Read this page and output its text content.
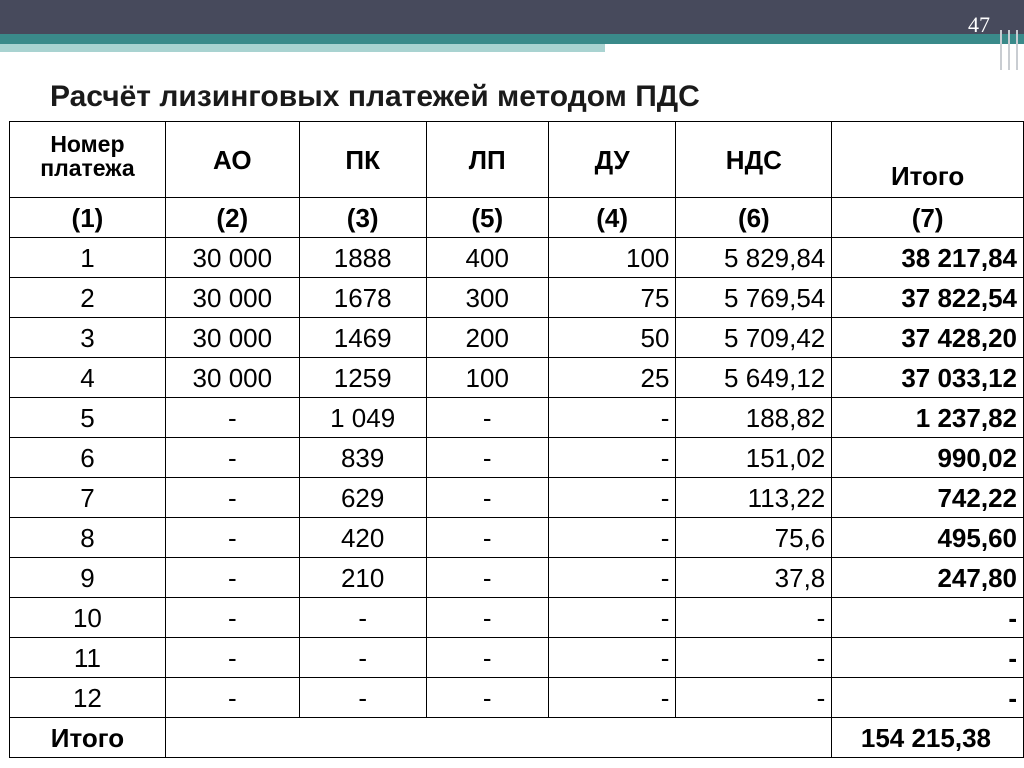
47
Расчёт лизинговых платежей методом ПДС
Номер платежа	АО	ПК	ЛП	ДУ	НДС	Итого
(1)	(2)	(3)	(5)	(4)	(6)	(7)
1	30 000	1888	400	100	5 829,84	38 217,84
2	30 000	1678	300	75	5 769,54	37 822,54
3	30 000	1469	200	50	5 709,42	37 428,20
4	30 000	1259	100	25	5 649,12	37 033,12
5	-	1 049	-	-	188,82	1 237,82
6	-	839	-	-	151,02	990,02
7	-	629	-	-	113,22	742,22
8	-	420	-	-	75,6	495,60
9	-	210	-	-	37,8	247,80
10	-	-	-	-	-	-
11	-	-	-	-	-	-
12	-	-	-	-	-	-
Итого						154 215,38
